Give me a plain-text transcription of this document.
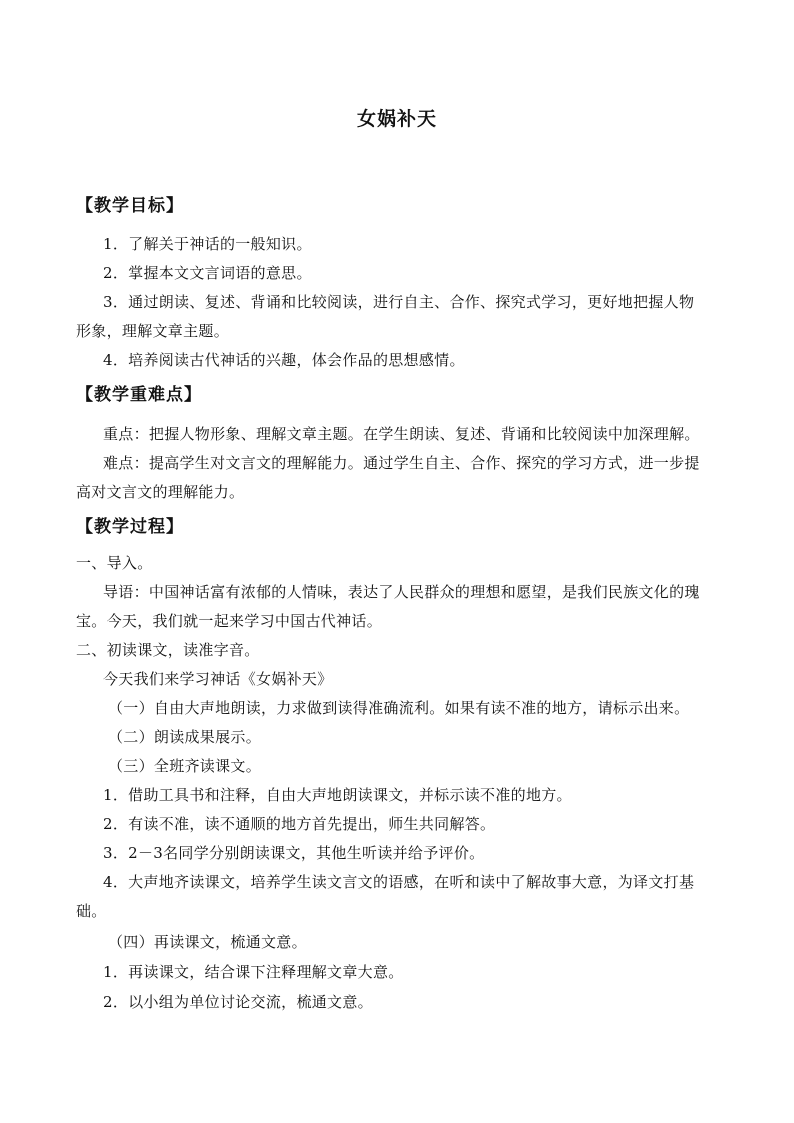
女娲补天
【教学目标】
1．了解关于神话的一般知识。
2．掌握本文文言词语的意思。
3．通过朗读、复述、背诵和比较阅读，进行自主、合作、探究式学习，更好地把握人物
形象，理解文章主题。
4．培养阅读古代神话的兴趣，体会作品的思想感情。
【教学重难点】
重点：把握人物形象、理解文章主题。在学生朗读、复述、背诵和比较阅读中加深理解。
难点：提高学生对文言文的理解能力。通过学生自主、合作、探究的学习方式，进一步提
高对文言文的理解能力。
【教学过程】
一、导入。
导语：中国神话富有浓郁的人情味，表达了人民群众的理想和愿望，是我们民族文化的瑰
宝。今天，我们就一起来学习中国古代神话。
二、初读课文，读准字音。
今天我们来学习神话《女娲补天》
（一）自由大声地朗读，力求做到读得准确流利。如果有读不准的地方，请标示出来。
（二）朗读成果展示。
（三）全班齐读课文。
1．借助工具书和注释，自由大声地朗读课文，并标示读不准的地方。
2．有读不准，读不通顺的地方首先提出，师生共同解答。
3．2－3名同学分别朗读课文，其他生听读并给予评价。
4．大声地齐读课文，培养学生读文言文的语感，在听和读中了解故事大意，为译文打基
础。
（四）再读课文，梳通文意。
1．再读课文，结合课下注释理解文章大意。
2．以小组为单位讨论交流，梳通文意。
